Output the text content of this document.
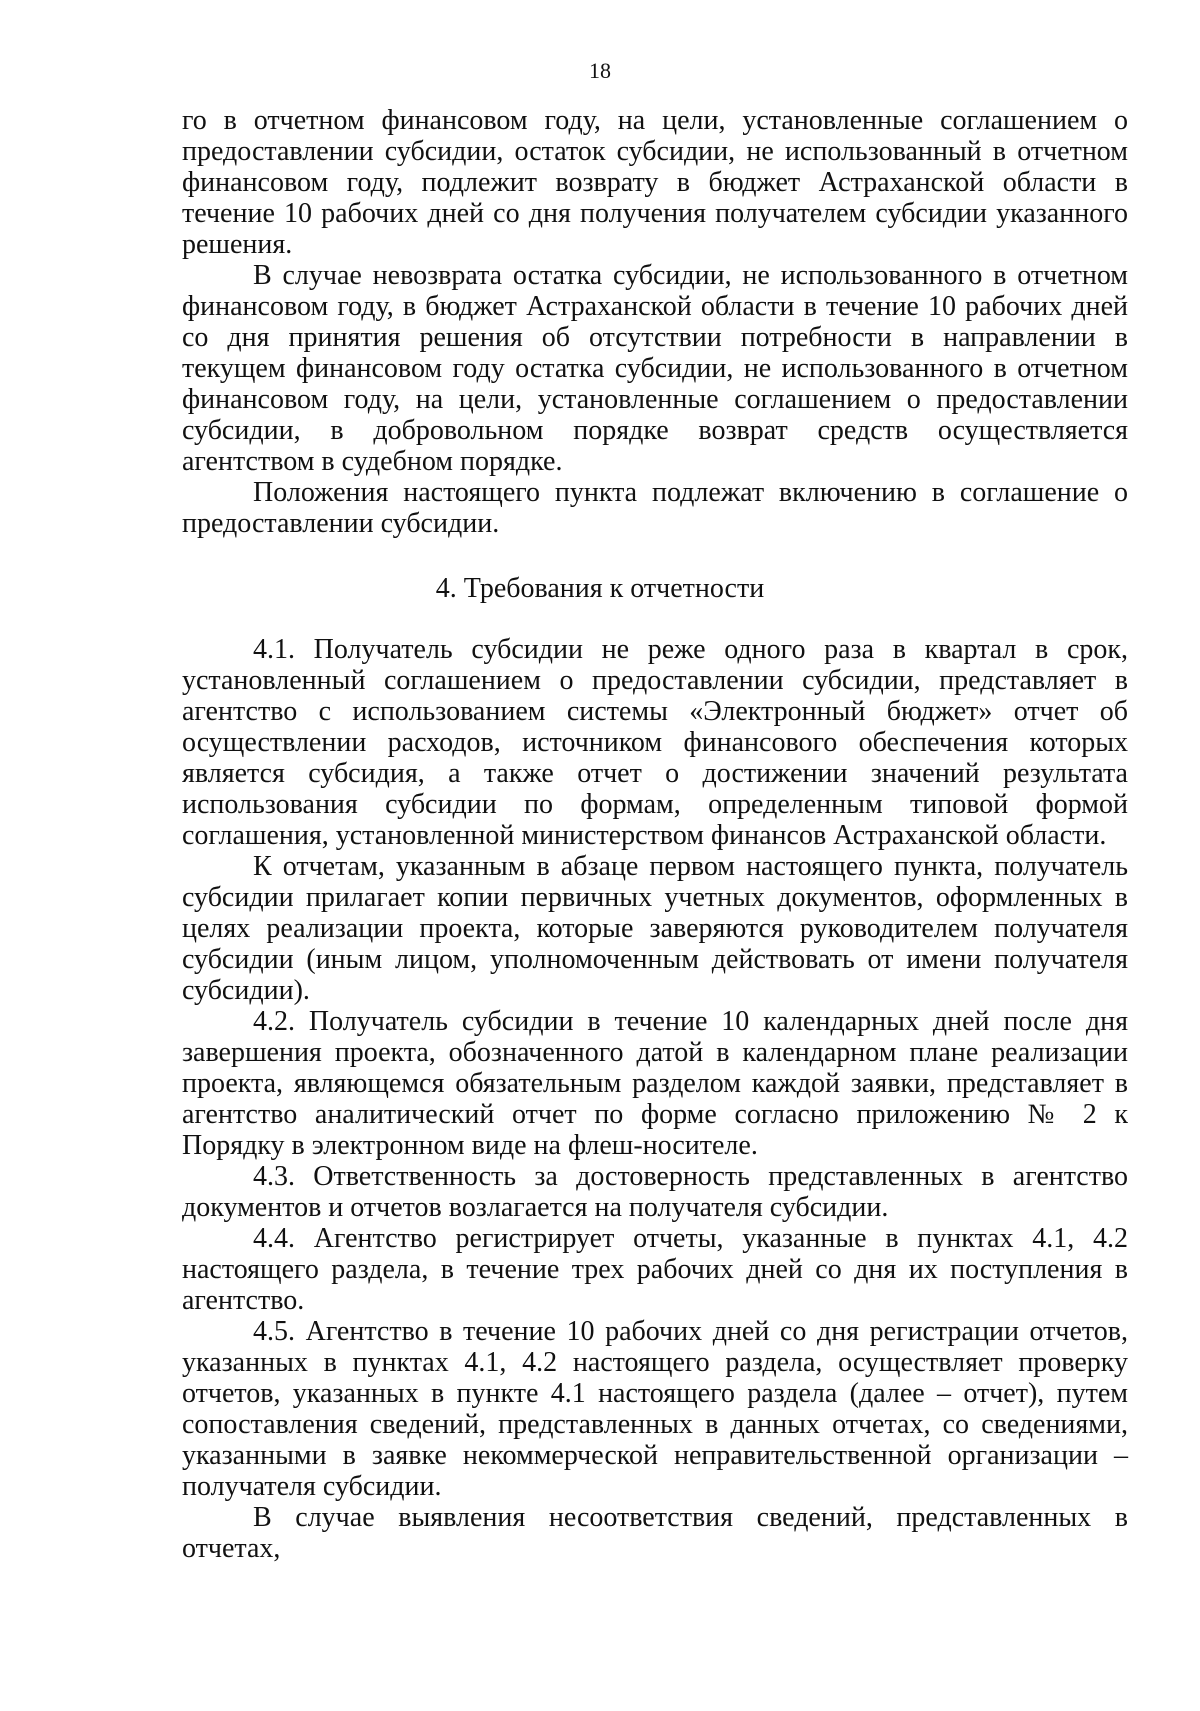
18

го в отчетном финансовом году, на цели, установленные соглашением о предоставлении субсидии, остаток субсидии, не использованный в отчетном финансовом году, подлежит возврату в бюджет Астраханской области в течение 10 рабочих дней со дня получения получателем субсидии указанного решения.

В случае невозврата остатка субсидии, не использованного в отчетном финансовом году, в бюджет Астраханской области в течение 10 рабочих дней со дня принятия решения об отсутствии потребности в направлении в текущем финансовом году остатка субсидии, не использованного в отчетном финансовом году, на цели, установленные соглашением о предоставлении субсидии, в добровольном порядке возврат средств осуществляется агентством в судебном порядке.

Положения настоящего пункта подлежат включению в соглашение о предоставлении субсидии.

4. Требования к отчетности

4.1. Получатель субсидии не реже одного раза в квартал в срок, установленный соглашением о предоставлении субсидии, представляет в агентство с использованием системы «Электронный бюджет» отчет об осуществлении расходов, источником финансового обеспечения которых является субсидия, а также отчет о достижении значений результата использования субсидии по формам, определенным типовой формой соглашения, установленной министерством финансов Астраханской области.

К отчетам, указанным в абзаце первом настоящего пункта, получатель субсидии прилагает копии первичных учетных документов, оформленных в целях реализации проекта, которые заверяются руководителем получателя субсидии (иным лицом, уполномоченным действовать от имени получателя субсидии).

4.2. Получатель субсидии в течение 10 календарных дней после дня завершения проекта, обозначенного датой в календарном плане реализации проекта, являющемся обязательным разделом каждой заявки, представляет в агентство аналитический отчет по форме согласно приложению № 2 к Порядку в электронном виде на флеш-носителе.

4.3. Ответственность за достоверность представленных в агентство документов и отчетов возлагается на получателя субсидии.

4.4. Агентство регистрирует отчеты, указанные в пунктах 4.1, 4.2 настоящего раздела, в течение трех рабочих дней со дня их поступления в агентство.

4.5. Агентство в течение 10 рабочих дней со дня регистрации отчетов, указанных в пунктах 4.1, 4.2 настоящего раздела, осуществляет проверку отчетов, указанных в пункте 4.1 настоящего раздела (далее – отчет), путем сопоставления сведений, представленных в данных отчетах, со сведениями, указанными в заявке некоммерческой неправительственной организации – получателя субсидии.

В случае выявления несоответствия сведений, представленных в отчетах,
